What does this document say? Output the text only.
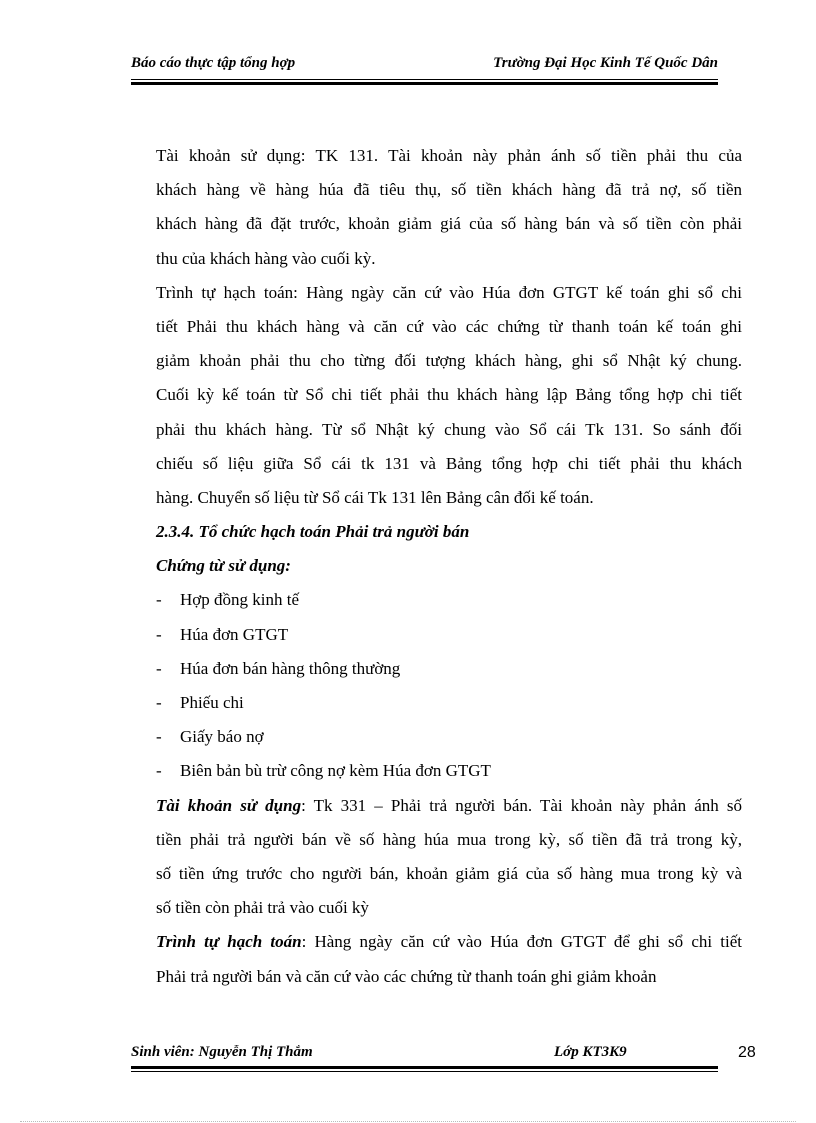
Báo cáo thực tập tổng hợp	Trường Đại Học Kinh Tế Quốc Dân
Tài khoản sử dụng: TK 131. Tài khoản này phản ánh số tiền phải thu của
khách hàng về hàng húa đã tiêu thụ, số tiền khách hàng đã trả nợ, số tiền
khách hàng đã đặt trước, khoản giảm giá của số hàng bán và số tiền còn phải
thu của khách hàng vào cuối kỳ.
Trình tự hạch toán: Hàng ngày căn cứ vào Húa đơn GTGT kế toán ghi sổ chi
tiết Phải thu khách hàng và căn cứ vào các chứng từ thanh toán kế toán ghi
giảm khoản phải thu cho từng đối tượng khách hàng, ghi sổ Nhật ký chung.
Cuối kỳ kế toán từ Sổ chi tiết phải thu khách hàng lập Bảng tổng hợp chi tiết
phải thu khách hàng. Từ sổ Nhật ký chung vào Sổ cái Tk 131. So sánh đối
chiếu số liệu giữa Sổ cái tk 131 và Bảng tổng hợp chi tiết phải thu khách
hàng. Chuyển số liệu từ Sổ cái Tk 131 lên Bảng cân đối kế toán.
2.3.4. Tổ chức hạch toán Phải trả người bán
Chứng từ sử dụng:
- Hợp đồng kinh tế
- Húa đơn GTGT
- Húa đơn bán hàng thông thường
- Phiếu chi
- Giấy báo nợ
- Biên bản bù trừ công nợ kèm Húa đơn GTGT
Tài khoản sử dụng: Tk 331 – Phải trả người bán. Tài khoản này phản ánh số
tiền phải trả người bán về số hàng húa mua trong kỳ, số tiền đã trả trong kỳ,
số tiền ứng trước cho người bán, khoản giảm giá của số hàng mua trong kỳ và
số tiền còn phải trả vào cuối kỳ
Trình tự hạch toán: Hàng ngày căn cứ vào Húa đơn GTGT để ghi sổ chi tiết
Phải trả người bán và căn cứ vào các chứng từ thanh toán ghi giảm khoản
Sinh viên: Nguyễn Thị Thắm	Lớp KT3K9	28
